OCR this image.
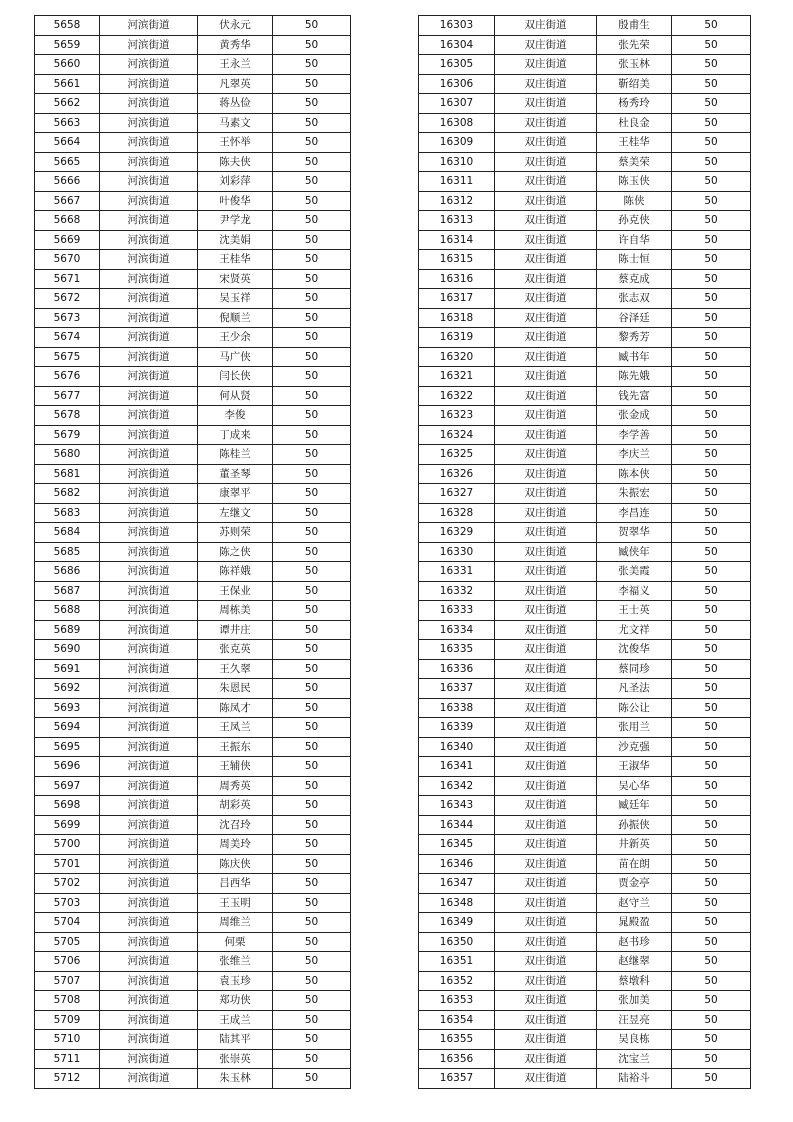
5658	河滨街道	伏永元	50
5659	河滨街道	黄秀华	50
5660	河滨街道	王永兰	50
5661	河滨街道	凡翠英	50
5662	河滨街道	蒋丛俭	50
5663	河滨街道	马素文	50
5664	河滨街道	王怀举	50
5665	河滨街道	陈夫侠	50
5666	河滨街道	刘彩萍	50
5667	河滨街道	叶俊华	50
5668	河滨街道	尹学龙	50
5669	河滨街道	沈美娟	50
5670	河滨街道	王桂华	50
5671	河滨街道	宋贤英	50
5672	河滨街道	吴玉祥	50
5673	河滨街道	倪顺兰	50
5674	河滨街道	王少余	50
5675	河滨街道	马广侠	50
5676	河滨街道	闫长侠	50
5677	河滨街道	何从贤	50
5678	河滨街道	李俊	50
5679	河滨街道	丁成来	50
5680	河滨街道	陈桂兰	50
5681	河滨街道	董圣琴	50
5682	河滨街道	康翠平	50
5683	河滨街道	左继文	50
5684	河滨街道	苏则荣	50
5685	河滨街道	陈之侠	50
5686	河滨街道	陈祥娥	50
5687	河滨街道	王保业	50
5688	河滨街道	周栋美	50
5689	河滨街道	谭井庄	50
5690	河滨街道	张克英	50
5691	河滨街道	王久翠	50
5692	河滨街道	朱恩民	50
5693	河滨街道	陈凤才	50
5694	河滨街道	王凤兰	50
5695	河滨街道	王振东	50
5696	河滨街道	王辅侠	50
5697	河滨街道	周秀英	50
5698	河滨街道	胡彩英	50
5699	河滨街道	沈召玲	50
5700	河滨街道	周美玲	50
5701	河滨街道	陈庆侠	50
5702	河滨街道	吕西华	50
5703	河滨街道	王玉明	50
5704	河滨街道	周维兰	50
5705	河滨街道	何栗	50
5706	河滨街道	张维兰	50
5707	河滨街道	袁玉珍	50
5708	河滨街道	郑功侠	50
5709	河滨街道	王成兰	50
5710	河滨街道	陆其平	50
5711	河滨街道	张崇英	50
5712	河滨街道	朱玉林	50
16303	双庄街道	殷甫生	50
16304	双庄街道	张先荣	50
16305	双庄街道	张玉林	50
16306	双庄街道	靳绍美	50
16307	双庄街道	杨秀玲	50
16308	双庄街道	杜良金	50
16309	双庄街道	王桂华	50
16310	双庄街道	蔡美荣	50
16311	双庄街道	陈玉侠	50
16312	双庄街道	陈侠	50
16313	双庄街道	孙克侠	50
16314	双庄街道	许自华	50
16315	双庄街道	陈士恒	50
16316	双庄街道	蔡克成	50
16317	双庄街道	张志双	50
16318	双庄街道	谷泽廷	50
16319	双庄街道	黎秀芳	50
16320	双庄街道	臧书年	50
16321	双庄街道	陈先娥	50
16322	双庄街道	钱先富	50
16323	双庄街道	张金成	50
16324	双庄街道	李学善	50
16325	双庄街道	李庆兰	50
16326	双庄街道	陈本侠	50
16327	双庄街道	朱振宏	50
16328	双庄街道	李昌连	50
16329	双庄街道	贺翠华	50
16330	双庄街道	臧侠年	50
16331	双庄街道	张美霞	50
16332	双庄街道	李福义	50
16333	双庄街道	王士英	50
16334	双庄街道	尤文祥	50
16335	双庄街道	沈俊华	50
16336	双庄街道	蔡同珍	50
16337	双庄街道	凡圣法	50
16338	双庄街道	陈公让	50
16339	双庄街道	张用兰	50
16340	双庄街道	沙克强	50
16341	双庄街道	王淑华	50
16342	双庄街道	吴心华	50
16343	双庄街道	臧廷年	50
16344	双庄街道	孙振侠	50
16345	双庄街道	井新英	50
16346	双庄街道	苗在朗	50
16347	双庄街道	贾金亭	50
16348	双庄街道	赵守兰	50
16349	双庄街道	晁殿盈	50
16350	双庄街道	赵书珍	50
16351	双庄街道	赵继翠	50
16352	双庄街道	蔡墩科	50
16353	双庄街道	张加美	50
16354	双庄街道	汪昱亮	50
16355	双庄街道	吴良栋	50
16356	双庄街道	沈宝兰	50
16357	双庄街道	陆裕斗	50
